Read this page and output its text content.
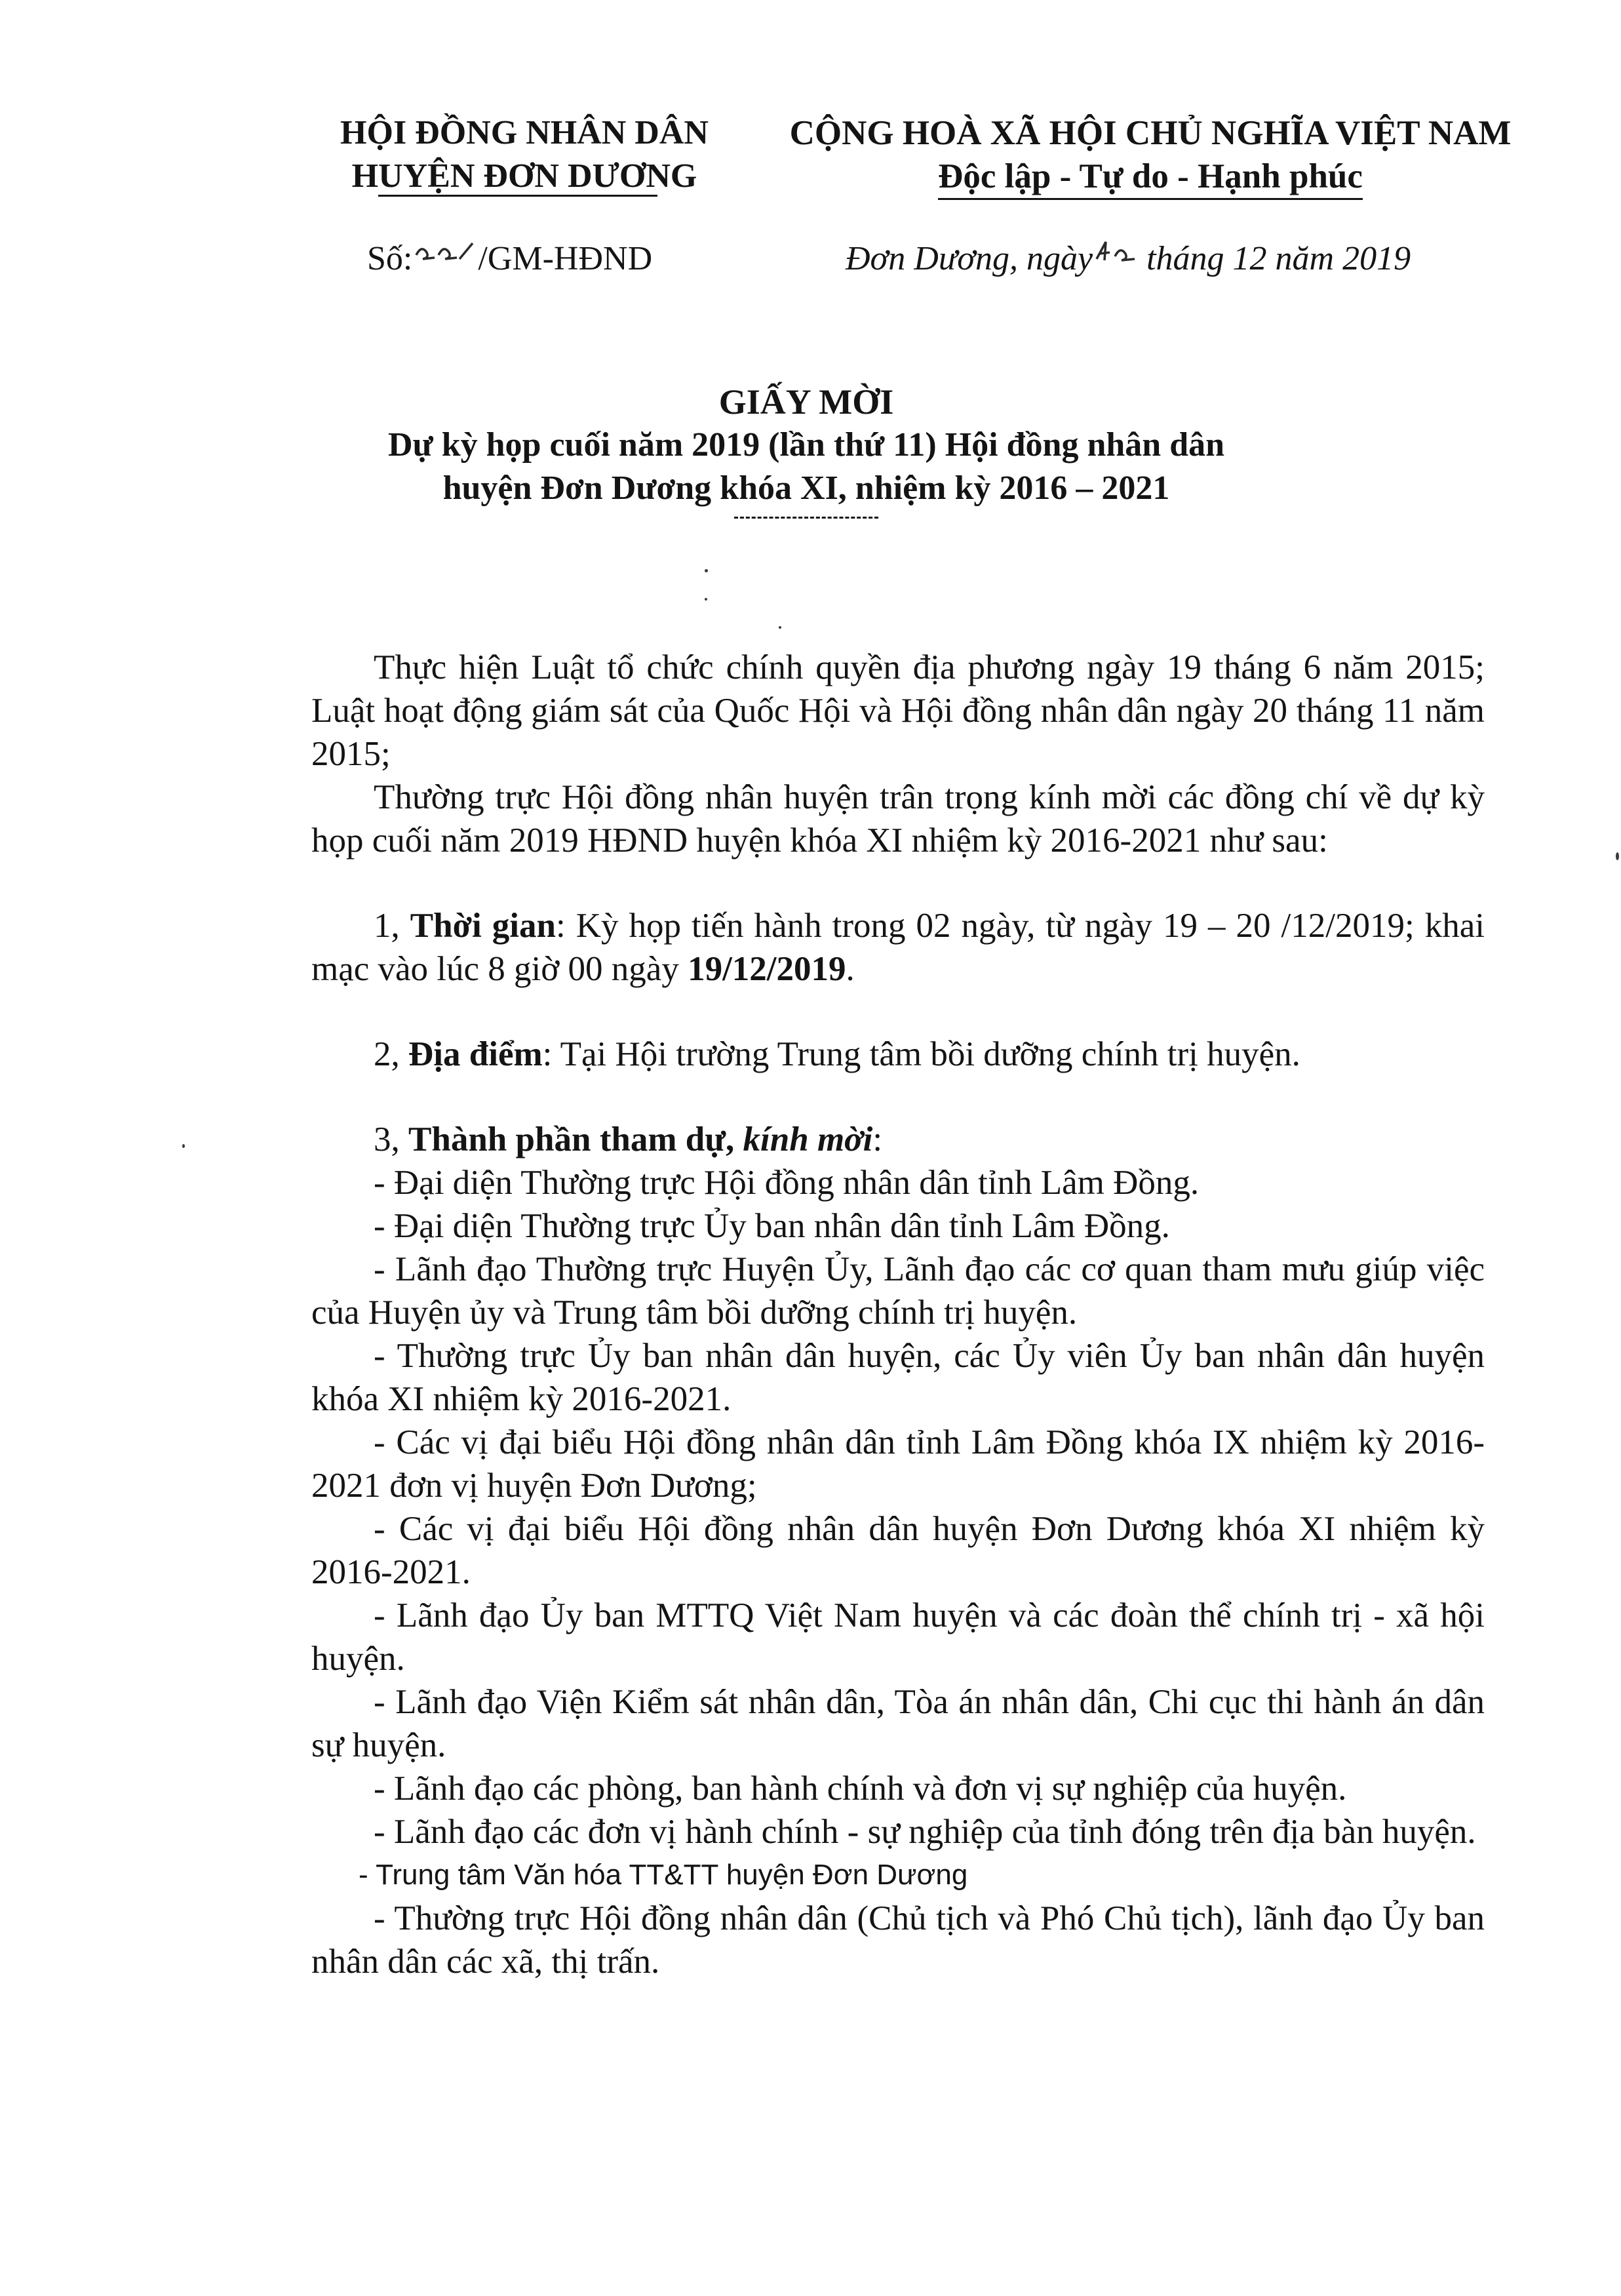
HỘI ĐỒNG NHÂN DÂN
HUYỆN ĐƠN DƯƠNG
CỘNG HOÀ XÃ HỘI CHỦ NGHĨA VIỆT NAM
Độc lập - Tự do - Hạnh phúc
Số: /GM-HĐND	Đơn Dương, ngày tháng 12 năm 2019
GIẤY MỜI
Dự kỳ họp cuối năm 2019 (lần thứ 11) Hội đồng nhân dân
huyện Đơn Dương khóa XI, nhiệm kỳ 2016 – 2021

Thực hiện Luật tổ chức chính quyền địa phương ngày 19 tháng 6 năm 2015; Luật hoạt động giám sát của Quốc Hội và Hội đồng nhân dân ngày 20 tháng 11 năm 2015;

Thường trực Hội đồng nhân huyện trân trọng kính mời các đồng chí về dự kỳ họp cuối năm 2019 HĐND huyện khóa XI nhiệm kỳ 2016-2021 như sau:

1, Thời gian: Kỳ họp tiến hành trong 02 ngày, từ ngày 19 – 20 /12/2019; khai mạc vào lúc 8 giờ 00 ngày 19/12/2019.

2, Địa điểm: Tại Hội trường Trung tâm bồi dưỡng chính trị huyện.

3, Thành phần tham dự, kính mời:

- Đại diện Thường trực Hội đồng nhân dân tỉnh Lâm Đồng.

- Đại diện Thường trực Ủy ban nhân dân tỉnh Lâm Đồng.

- Lãnh đạo Thường trực Huyện Ủy, Lãnh đạo các cơ quan tham mưu giúp việc của Huyện ủy và Trung tâm bồi dưỡng chính trị huyện.

- Thường trực Ủy ban nhân dân huyện, các Ủy viên Ủy ban nhân dân huyện khóa XI nhiệm kỳ 2016-2021.

- Các vị đại biểu Hội đồng nhân dân tỉnh Lâm Đồng khóa IX nhiệm kỳ 2016-2021 đơn vị huyện Đơn Dương;

- Các vị đại biểu Hội đồng nhân dân huyện Đơn Dương khóa XI nhiệm kỳ 2016-2021.

- Lãnh đạo Ủy ban MTTQ Việt Nam huyện và các đoàn thể chính trị - xã hội huyện.

- Lãnh đạo Viện Kiểm sát nhân dân, Tòa án nhân dân, Chi cục thi hành án dân sự huyện.

- Lãnh đạo các phòng, ban hành chính và đơn vị sự nghiệp của huyện.

- Lãnh đạo các đơn vị hành chính - sự nghiệp của tỉnh đóng trên địa bàn huyện.

- Trung tâm Văn hóa TT&TT huyện Đơn Dương

- Thường trực Hội đồng nhân dân (Chủ tịch và Phó Chủ tịch), lãnh đạo Ủy ban nhân dân các xã, thị trấn.
